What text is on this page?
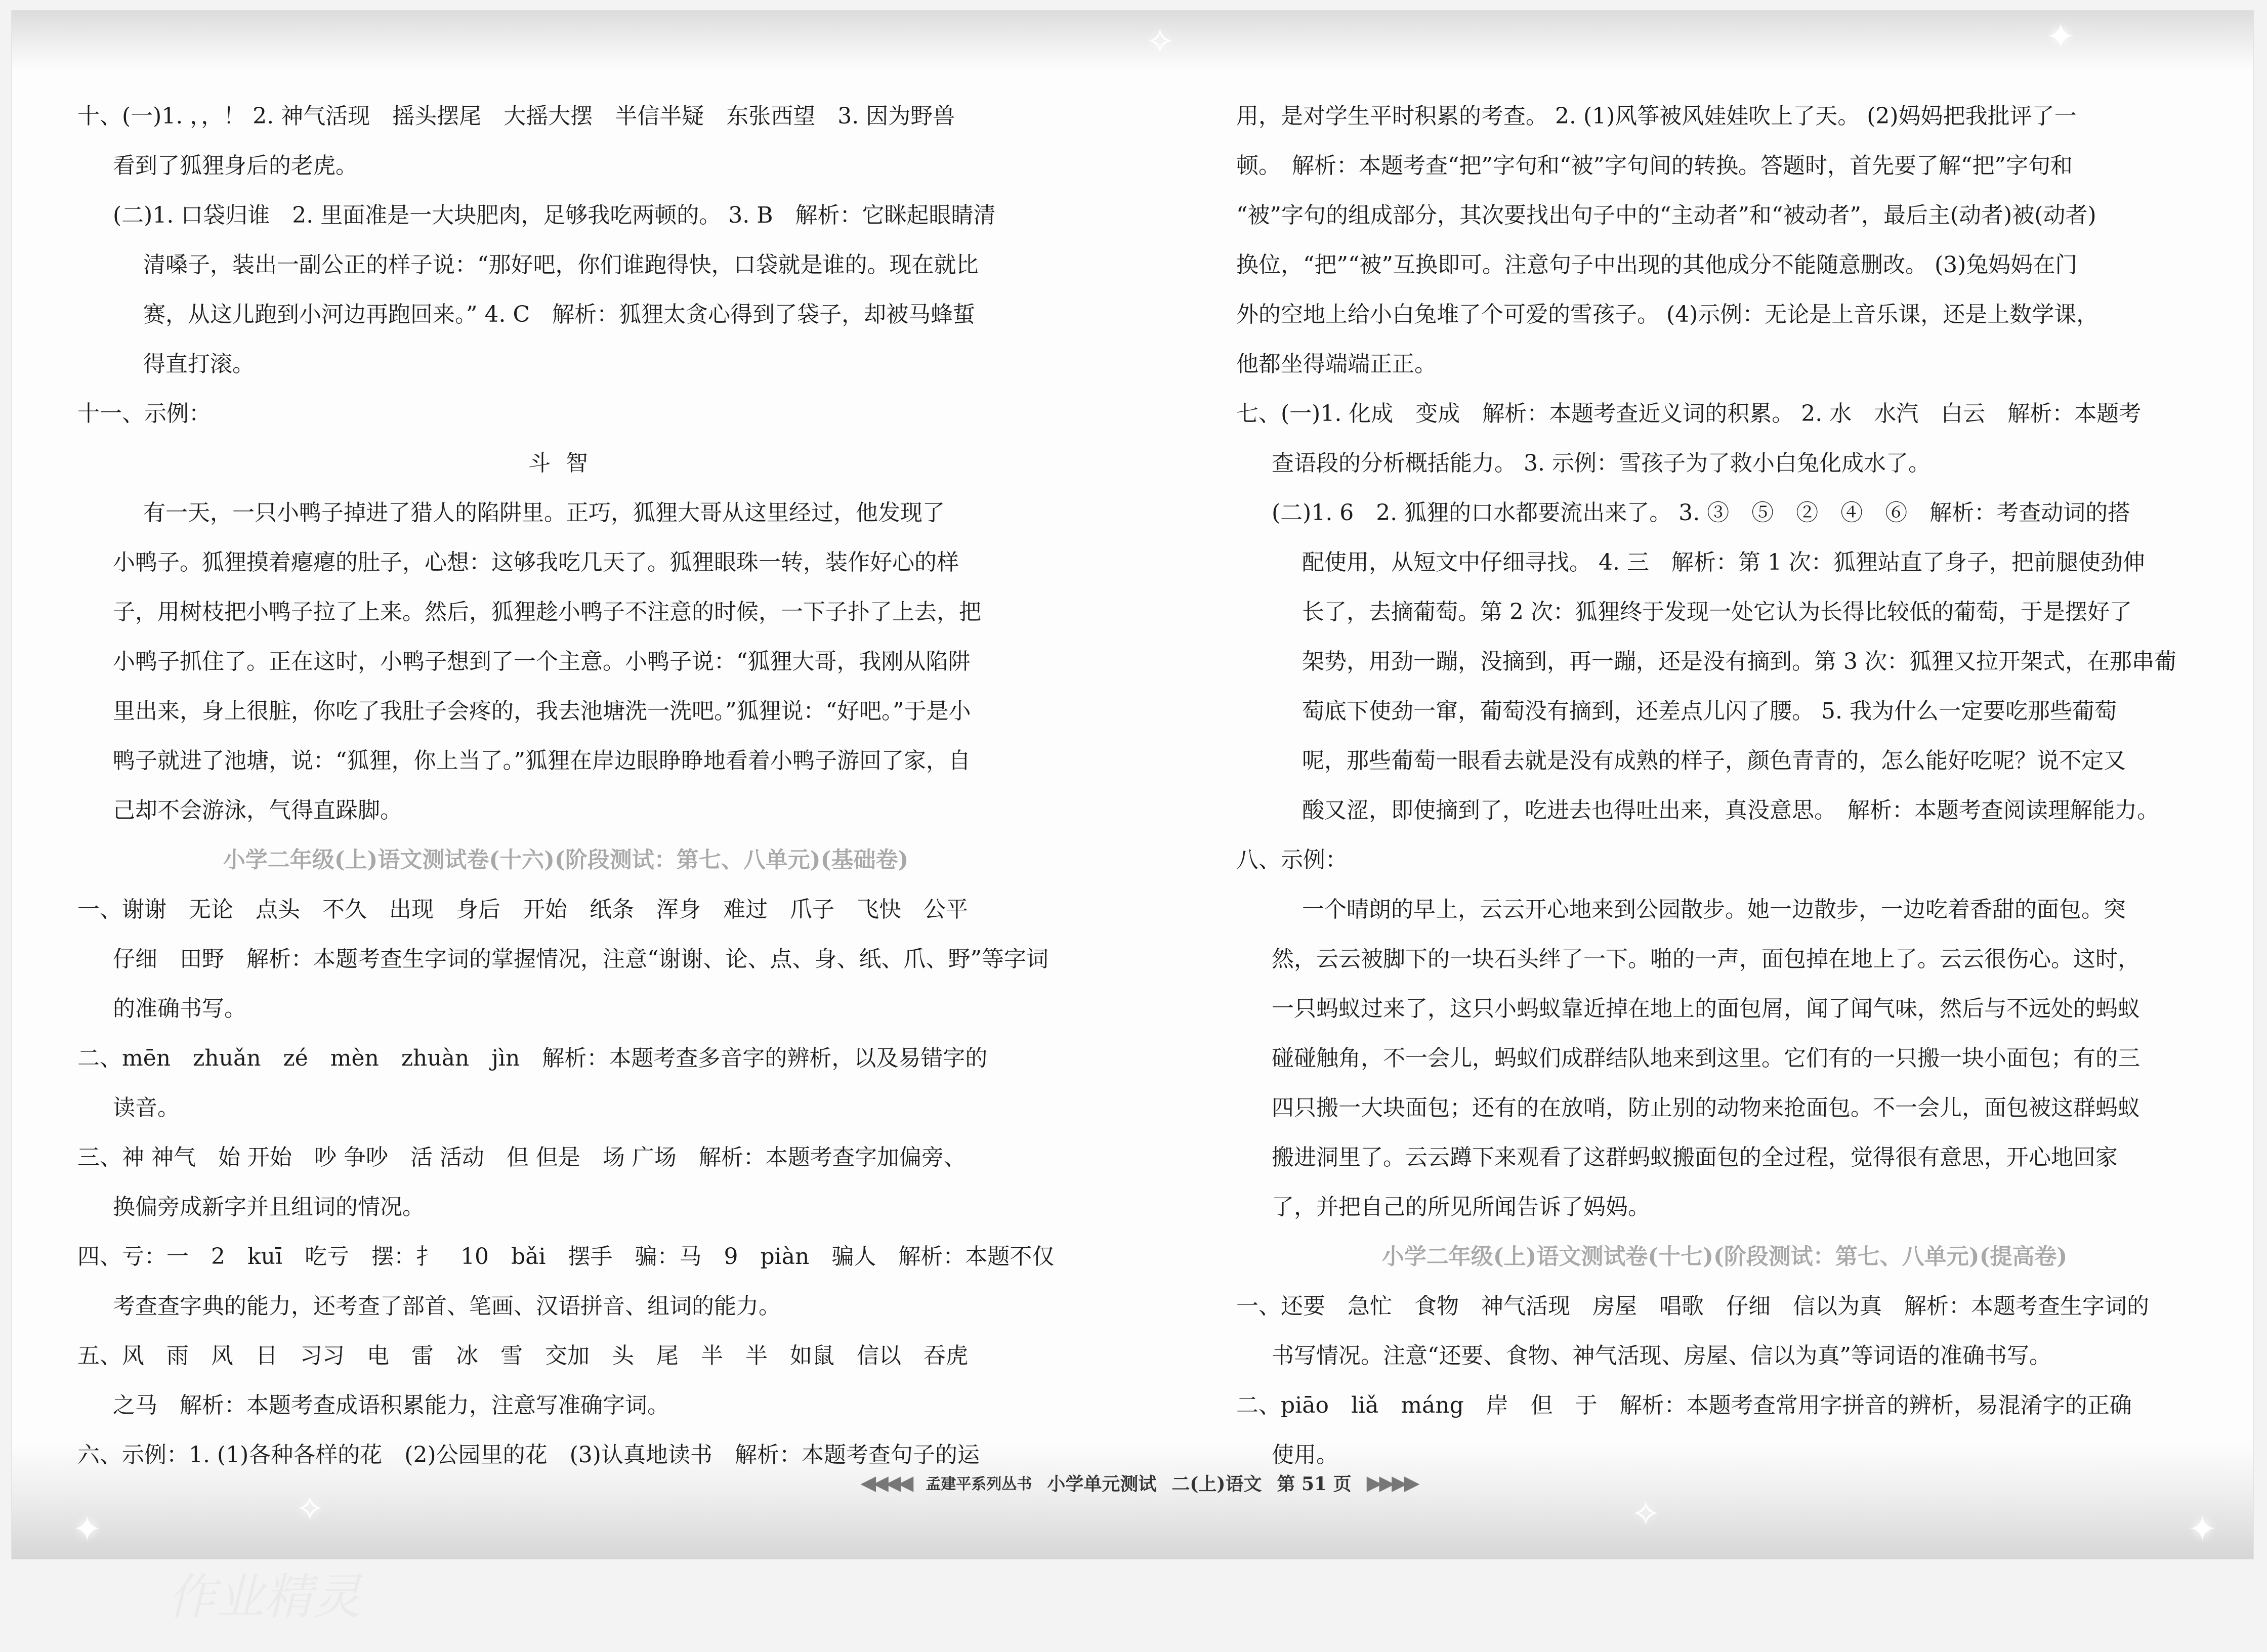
十、(一)1. ，，！ 2. 神气活现　摇头摆尾　大摇大摆　半信半疑　东张西望　3. 因为野兽
看到了狐狸身后的老虎。
(二)1. 口袋归谁　2. 里面准是一大块肥肉，足够我吃两顿的。 3. B　解析：它眯起眼睛清
清嗓子，装出一副公正的样子说：“那好吧，你们谁跑得快，口袋就是谁的。现在就比
赛，从这儿跑到小河边再跑回来。” 4. C　解析：狐狸太贪心得到了袋子，却被马蜂蜇
得直打滚。
十一、示例：
斗智
有一天，一只小鸭子掉进了猎人的陷阱里。正巧，狐狸大哥从这里经过，他发现了
小鸭子。狐狸摸着瘪瘪的肚子，心想：这够我吃几天了。狐狸眼珠一转，装作好心的样
子，用树枝把小鸭子拉了上来。然后，狐狸趁小鸭子不注意的时候，一下子扑了上去，把
小鸭子抓住了。正在这时，小鸭子想到了一个主意。小鸭子说：“狐狸大哥，我刚从陷阱
里出来，身上很脏，你吃了我肚子会疼的，我去池塘洗一洗吧。”狐狸说：“好吧。”于是小
鸭子就进了池塘，说：“狐狸，你上当了。”狐狸在岸边眼睁睁地看着小鸭子游回了家，自
己却不会游泳，气得直跺脚。
小学二年级(上)语文测试卷(十六)(阶段测试：第七、八单元)(基础卷)
一、谢谢　无论　点头　不久　出现　身后　开始　纸条　浑身　难过　爪子　飞快　公平
仔细　田野　解析：本题考查生字词的掌握情况，注意“谢谢、论、点、身、纸、爪、野”等字词
的准确书写。
二、mēn　zhuǎn　zé　mèn　zhuàn　jìn　解析：本题考查多音字的辨析，以及易错字的
读音。
三、神 神气　始 开始　吵 争吵　活 活动　但 但是　场 广场　解析：本题考查字加偏旁、
换偏旁成新字并且组词的情况。
四、亏：一　2　kuī　吃亏　摆：扌　10　bǎi　摆手　骗：马　9　piàn　骗人　解析：本题不仅
考查查字典的能力，还考查了部首、笔画、汉语拼音、组词的能力。
五、风　雨　风　日　习习　电　雷　冰　雪　交加　头　尾　半　半　如鼠　信以　吞虎
之马　解析：本题考查成语积累能力，注意写准确字词。
六、示例：1. (1)各种各样的花　(2)公园里的花　(3)认真地读书　解析：本题考查句子的运
用，是对学生平时积累的考查。 2. (1)风筝被风娃娃吹上了天。 (2)妈妈把我批评了一
顿。　解析：本题考查“把”字句和“被”字句间的转换。答题时，首先要了解“把”字句和
“被”字句的组成部分，其次要找出句子中的“主动者”和“被动者”，最后主(动者)被(动者)
换位，“把”“被”互换即可。注意句子中出现的其他成分不能随意删改。 (3)兔妈妈在门
外的空地上给小白兔堆了个可爱的雪孩子。 (4)示例：无论是上音乐课，还是上数学课，
他都坐得端端正正。
七、(一)1. 化成　变成　解析：本题考查近义词的积累。 2. 水　水汽　白云　解析：本题考
查语段的分析概括能力。 3. 示例：雪孩子为了救小白兔化成水了。
(二)1. 6　2. 狐狸的口水都要流出来了。 3. ③　⑤　②　④　⑥　解析：考查动词的搭
配使用，从短文中仔细寻找。 4. 三　解析：第 1 次：狐狸站直了身子，把前腿使劲伸
长了，去摘葡萄。第 2 次：狐狸终于发现一处它认为长得比较低的葡萄，于是摆好了
架势，用劲一蹦，没摘到，再一蹦，还是没有摘到。第 3 次：狐狸又拉开架式，在那串葡
萄底下使劲一窜，葡萄没有摘到，还差点儿闪了腰。 5. 我为什么一定要吃那些葡萄
呢，那些葡萄一眼看去就是没有成熟的样子，颜色青青的，怎么能好吃呢？说不定又
酸又涩，即使摘到了，吃进去也得吐出来，真没意思。　解析：本题考查阅读理解能力。
八、示例：
一个晴朗的早上，云云开心地来到公园散步。她一边散步，一边吃着香甜的面包。突
然，云云被脚下的一块石头绊了一下。啪的一声，面包掉在地上了。云云很伤心。这时，
一只蚂蚁过来了，这只小蚂蚁靠近掉在地上的面包屑，闻了闻气味，然后与不远处的蚂蚁
碰碰触角，不一会儿，蚂蚁们成群结队地来到这里。它们有的一只搬一块小面包；有的三
四只搬一大块面包；还有的在放哨，防止别的动物来抢面包。不一会儿，面包被这群蚂蚁
搬进洞里了。云云蹲下来观看了这群蚂蚁搬面包的全过程，觉得很有意思，开心地回家
了，并把自己的所见所闻告诉了妈妈。
小学二年级(上)语文测试卷(十七)(阶段测试：第七、八单元)(提高卷)
一、还要　急忙　食物　神气活现　房屋　唱歌　仔细　信以为真　解析：本题考查生字词的
书写情况。注意“还要、食物、神气活现、房屋、信以为真”等词语的准确书写。
二、piāo　liǎ　máng　岸　但　于　解析：本题考查常用字拼音的辨析，易混淆字的正确
使用。
✦
✧
✦	✦
✧
✧
◀◀◀◀ 孟建平系列丛书 小学单元测试 二(上)语文 第 51 页 ▶▶▶▶
作业精灵
